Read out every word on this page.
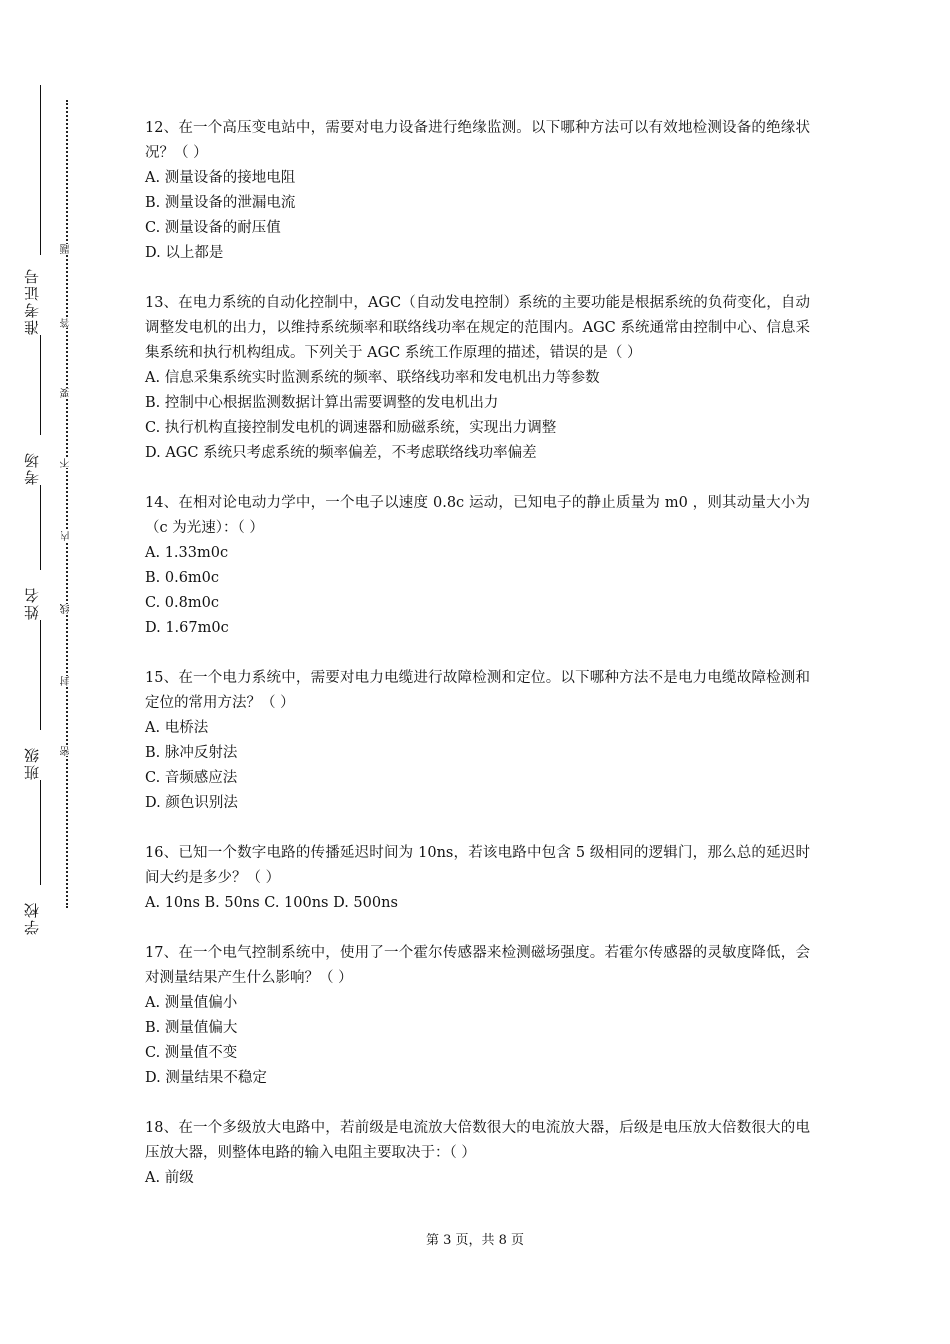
准考证号
考场
姓名
班级
学校
题
答
要
不
内
线
封
密

12、在一个高压变电站中，需要对电力设备进行绝缘监测。以下哪种方法可以有效地检测设备的绝缘状况？（ ）

A. 测量设备的接地电阻

B. 测量设备的泄漏电流

C. 测量设备的耐压值

D. 以上都是

13、在电力系统的自动化控制中，AGC（自动发电控制）系统的主要功能是根据系统的负荷变化，自动调整发电机的出力，以维持系统频率和联络线功率在规定的范围内。AGC 系统通常由控制中心、信息采集系统和执行机构组成。下列关于 AGC 系统工作原理的描述，错误的是（ ）

A. 信息采集系统实时监测系统的频率、联络线功率和发电机出力等参数

B. 控制中心根据监测数据计算出需要调整的发电机出力

C. 执行机构直接控制发电机的调速器和励磁系统，实现出力调整

D. AGC 系统只考虑系统的频率偏差，不考虑联络线功率偏差

14、在相对论电动力学中，一个电子以速度 0.8c 运动，已知电子的静止质量为 m0 ，则其动量大小为（c 为光速）：（ ）

A. 1.33m0c

B. 0.6m0c

C. 0.8m0c

D. 1.67m0c

15、在一个电力系统中，需要对电力电缆进行故障检测和定位。以下哪种方法不是电力电缆故障检测和定位的常用方法？（ ）

A. 电桥法

B. 脉冲反射法

C. 音频感应法

D. 颜色识别法

16、已知一个数字电路的传播延迟时间为 10ns，若该电路中包含 5 级相同的逻辑门，那么总的延迟时间大约是多少？（ ）

A. 10ns B. 50ns C. 100ns D. 500ns

17、在一个电气控制系统中，使用了一个霍尔传感器来检测磁场强度。若霍尔传感器的灵敏度降低，会对测量结果产生什么影响？（ ）

A. 测量值偏小

B. 测量值偏大

C. 测量值不变

D. 测量结果不稳定

18、在一个多级放大电路中，若前级是电流放大倍数很大的电流放大器，后级是电压放大倍数很大的电压放大器，则整体电路的输入电阻主要取决于：（ ）

A. 前级

第 3 页，共 8 页
